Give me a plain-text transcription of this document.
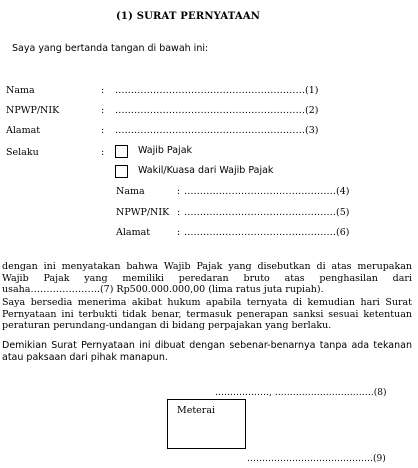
(1) SURAT PERNYATAAN
Saya yang bertanda tangan di bawah ini:
Nama	: ……………………………………………………(1)
NPWP/NIK	: ……………………………………………………(2)
Alamat	: ……………………………………………………(3)
Selaku	:	Wajib Pajak
Wakil/Kuasa dari Wajib Pajak
Nama	: …………………………………………(4)
NPWP/NIK : …………………………………………(5)
Alamat	: …………………………………………(6)
dengan ini menyatakan bahwa Wajib Pajak yang disebutkan di atas merupakan Wajib Pajak yang memiliki peredaran bruto atas penghasilan dari usaha………………….(7) Rp500.000.000,00 (lima ratus juta rupiah).
Saya bersedia menerima akibat hukum apabila ternyata di kemudian hari Surat Pernyataan ini terbukti tidak benar, termasuk penerapan sanksi sesuai ketentuan peraturan perundang-undangan di bidang perpajakan yang berlaku.
Demikian Surat Pernyataan ini dibuat dengan sebenar-benarnya tanpa ada tekanan atau paksaan dari pihak manapun.
………………, ……………………………(8)
Meterai
……………………………………(9)
